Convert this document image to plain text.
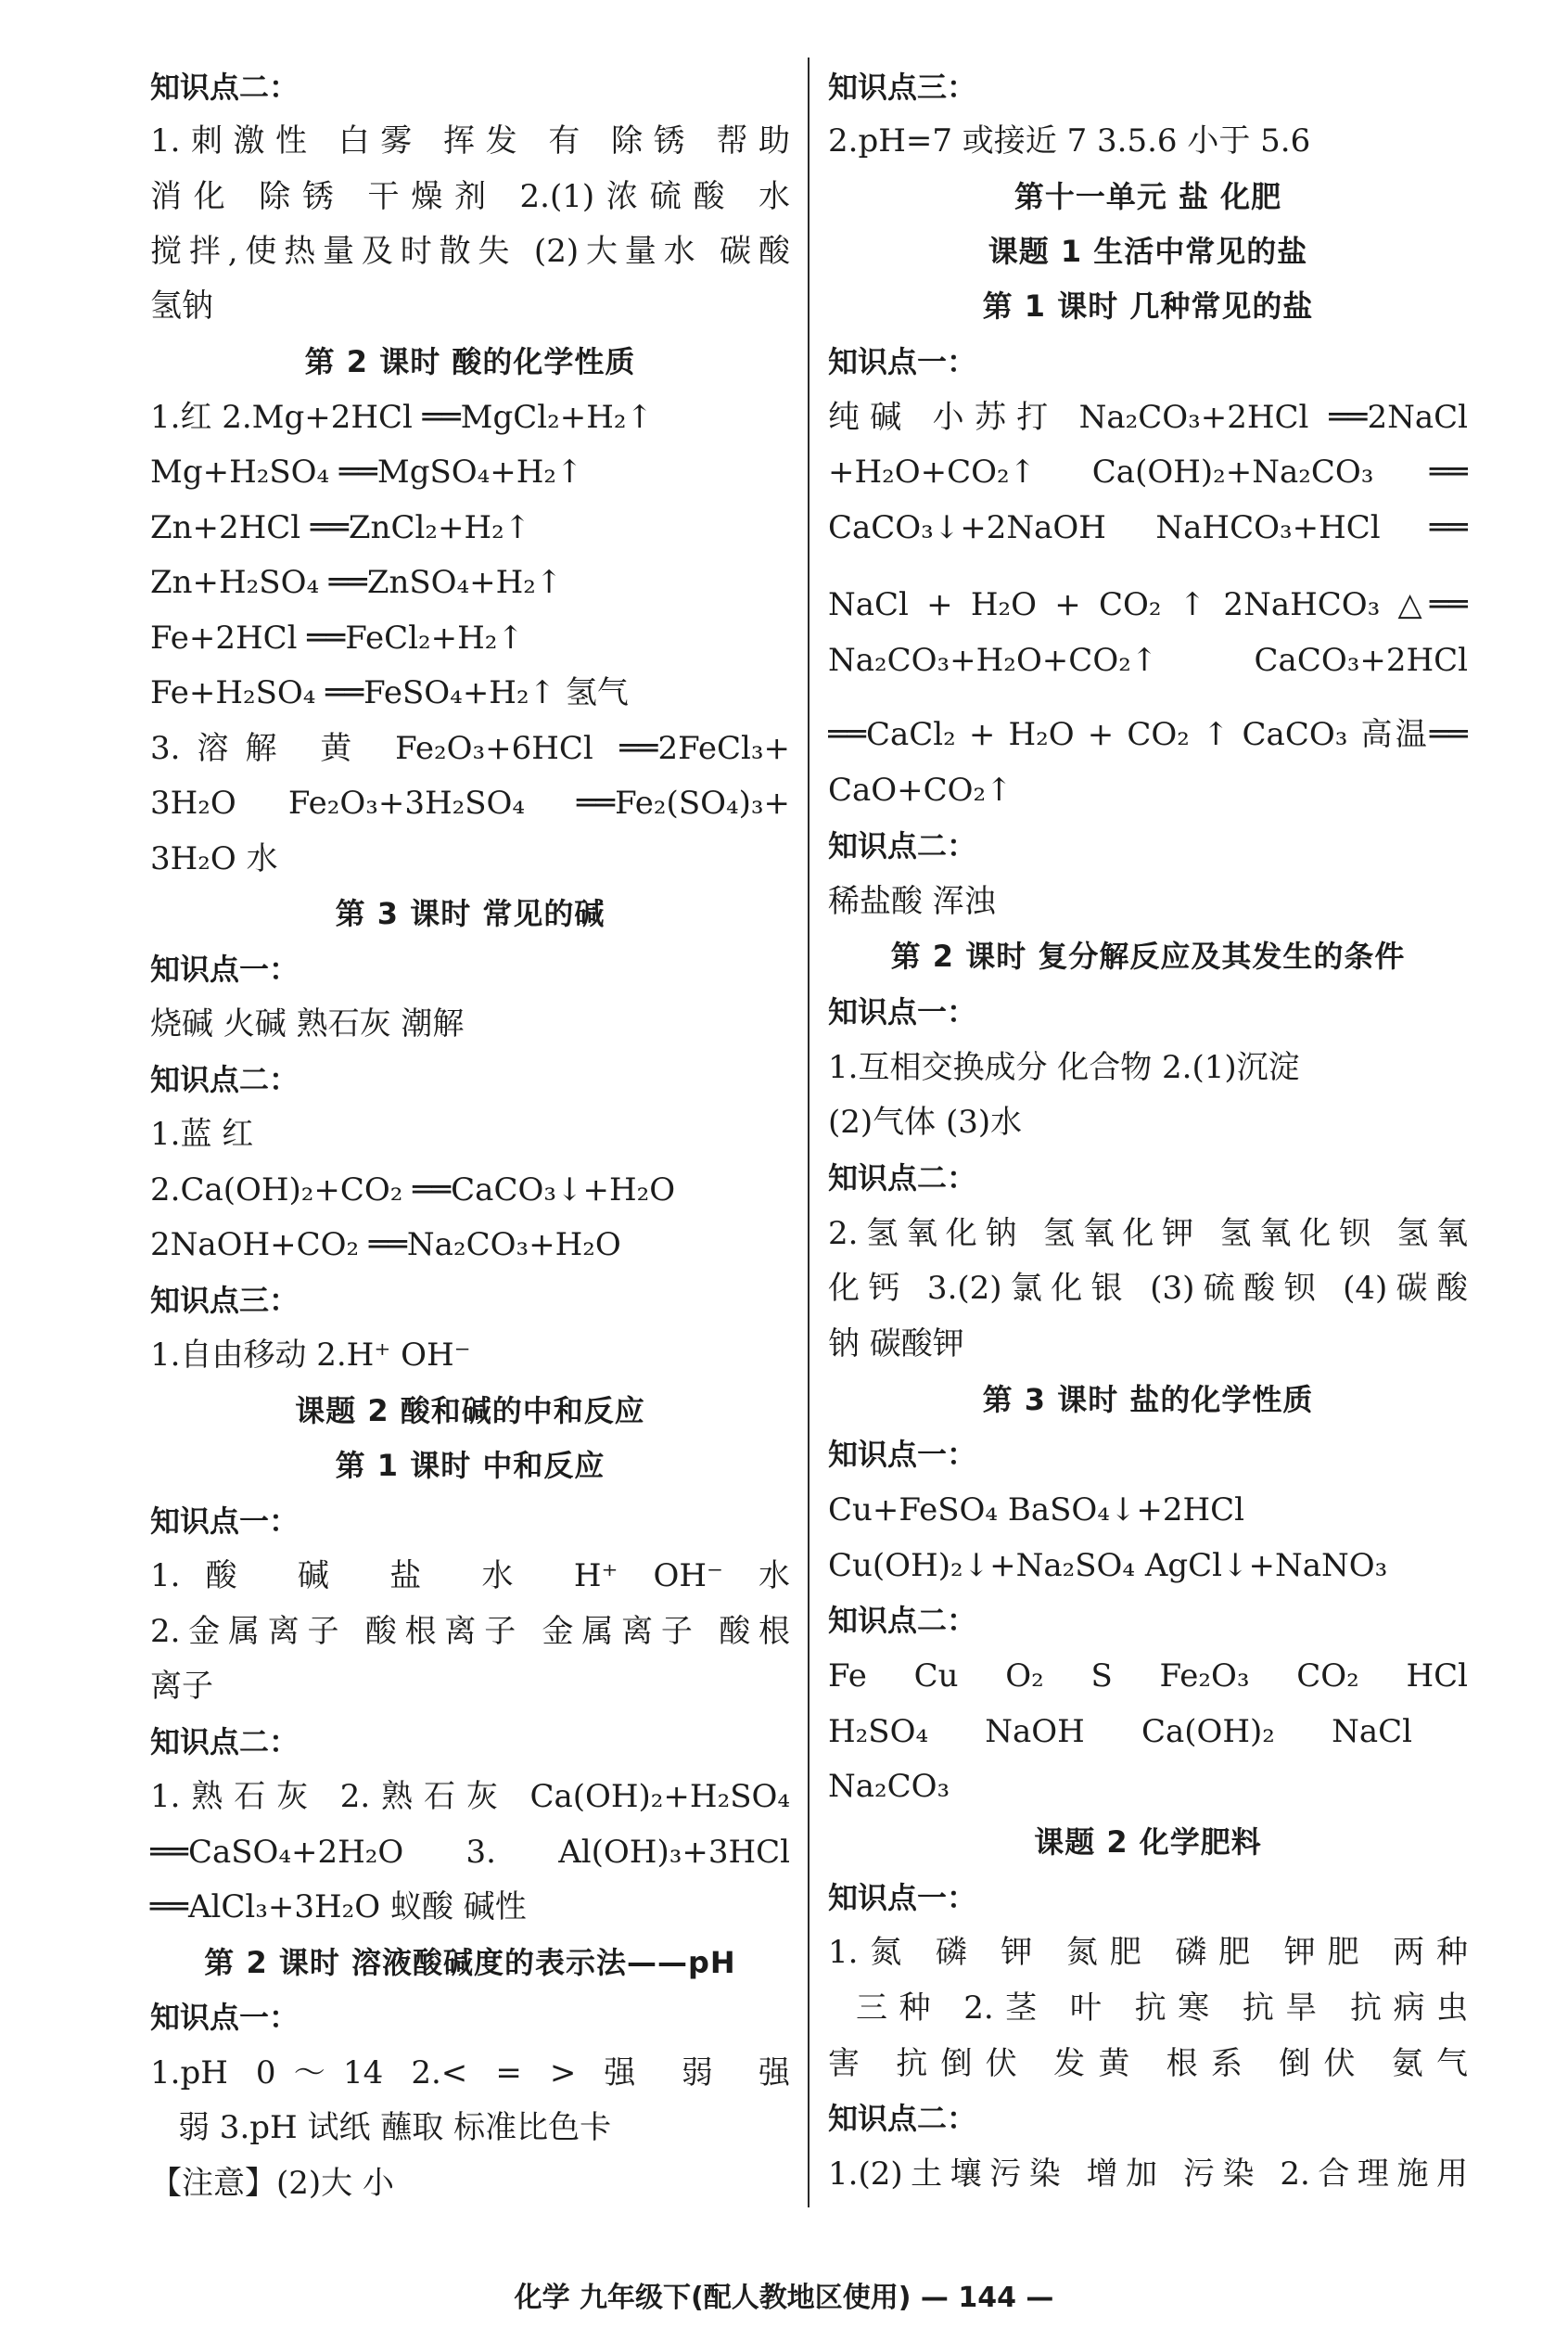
知识点二：
1.刺激性 白雾 挥发 有 除锈 帮助
消化 除锈 干燥剂 2.(1)浓硫酸 水
搅拌,使热量及时散失 (2)大量水 碳酸
氢钠
第 2 课时 酸的化学性质
1.红 2.Mg+2HCl ══MgCl₂+H₂↑
Mg+H₂SO₄ ══MgSO₄+H₂↑
Zn+2HCl ══ZnCl₂+H₂↑
Zn+H₂SO₄ ══ZnSO₄+H₂↑
Fe+2HCl ══FeCl₂+H₂↑
Fe+H₂SO₄ ══FeSO₄+H₂↑ 氢气
3.溶解 黄 Fe₂O₃+6HCl ══2FeCl₃+
3H₂O Fe₂O₃+3H₂SO₄ ══Fe₂(SO₄)₃+
3H₂O 水
第 3 课时 常见的碱
知识点一：
烧碱 火碱 熟石灰 潮解
知识点二：
1.蓝 红
2.Ca(OH)₂+CO₂ ══CaCO₃↓+H₂O
2NaOH+CO₂ ══Na₂CO₃+H₂O
知识点三：
1.自由移动 2.H⁺ OH⁻
课题 2 酸和碱的中和反应
第 1 课时 中和反应
知识点一：
1.酸 碱 盐 水 H⁺ OH⁻ 水
2.金属离子 酸根离子 金属离子 酸根
离子
知识点二：
1.熟石灰 2.熟石灰 Ca(OH)₂+H₂SO₄
══CaSO₄+2H₂O 3. Al(OH)₃+3HCl
══AlCl₃+3H₂O 蚁酸 碱性
第 2 课时 溶液酸碱度的表示法——pH
知识点一：
1.pH 0～14 2.< = > 强 弱 强
弱 3.pH 试纸 蘸取 标准比色卡
【注意】(2)大 小
知识点三：
2.pH=7 或接近 7 3.5.6 小于 5.6
第十一单元 盐 化肥
课题 1 生活中常见的盐
第 1 课时 几种常见的盐
知识点一：
纯碱 小苏打 Na₂CO₃+2HCl ══2NaCl
+H₂O+CO₂↑ Ca(OH)₂+Na₂CO₃ ══
CaCO₃↓+2NaOH NaHCO₃+HCl ══
NaCl + H₂O + CO₂ ↑ 2NaHCO₃ △══
Na₂CO₃+H₂O+CO₂↑ CaCO₃+2HCl
══CaCl₂ + H₂O + CO₂ ↑ CaCO₃ 高温══
CaO+CO₂↑
知识点二：
稀盐酸 浑浊
第 2 课时 复分解反应及其发生的条件
知识点一：
1.互相交换成分 化合物 2.(1)沉淀
(2)气体 (3)水
知识点二：
2.氢氧化钠 氢氧化钾 氢氧化钡 氢氧
化钙 3.(2)氯化银 (3)硫酸钡 (4)碳酸
钠 碳酸钾
第 3 课时 盐的化学性质
知识点一：
Cu+FeSO₄ BaSO₄↓+2HCl
Cu(OH)₂↓+Na₂SO₄ AgCl↓+NaNO₃
知识点二：
Fe Cu O₂ S Fe₂O₃ CO₂ HCl
H₂SO₄ NaOH Ca(OH)₂ NaCl
Na₂CO₃
课题 2 化学肥料
知识点一：
1.氮 磷 钾 氮肥 磷肥 钾肥 两种
三种 2.茎 叶 抗寒 抗旱 抗病虫
害 抗倒伏 发黄 根系 倒伏 氨气
知识点二：
1.(2)土壤污染 增加 污染 2.合理施用
化学 九年级下(配人教地区使用) — 144 —
